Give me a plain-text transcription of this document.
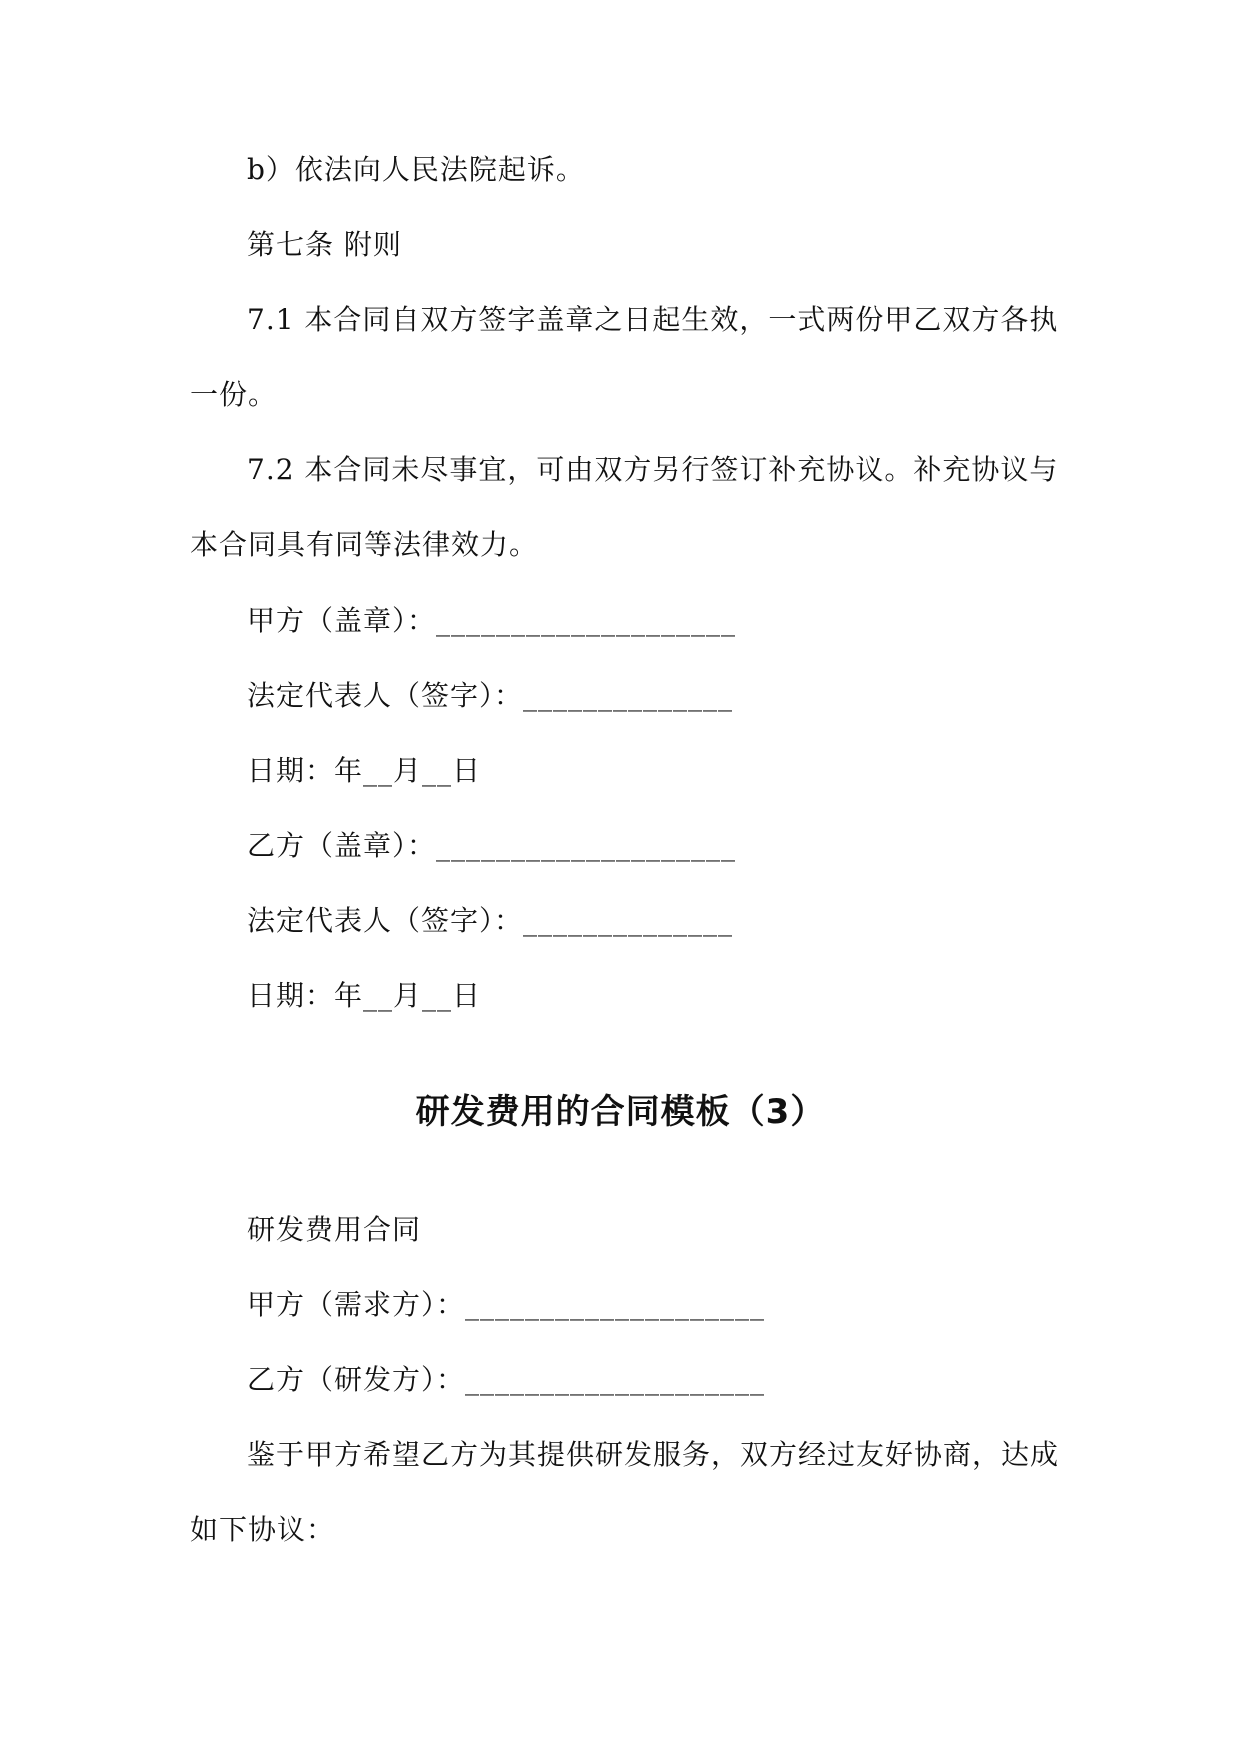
b）依法向人民法院起诉。
第七条 附则
7.1 本合同自双方签字盖章之日起生效，一式两份甲乙双方各执
一份。
7.2 本合同未尽事宜，可由双方另行签订补充协议。补充协议与
本合同具有同等法律效力。
甲方（盖章）：____________________
法定代表人（签字）：______________
日期：年__月__日
乙方（盖章）：____________________
法定代表人（签字）：______________
日期：年__月__日
研发费用的合同模板（3）
研发费用合同
甲方（需求方）：____________________
乙方（研发方）：____________________
鉴于甲方希望乙方为其提供研发服务，双方经过友好协商，达成
如下协议：
